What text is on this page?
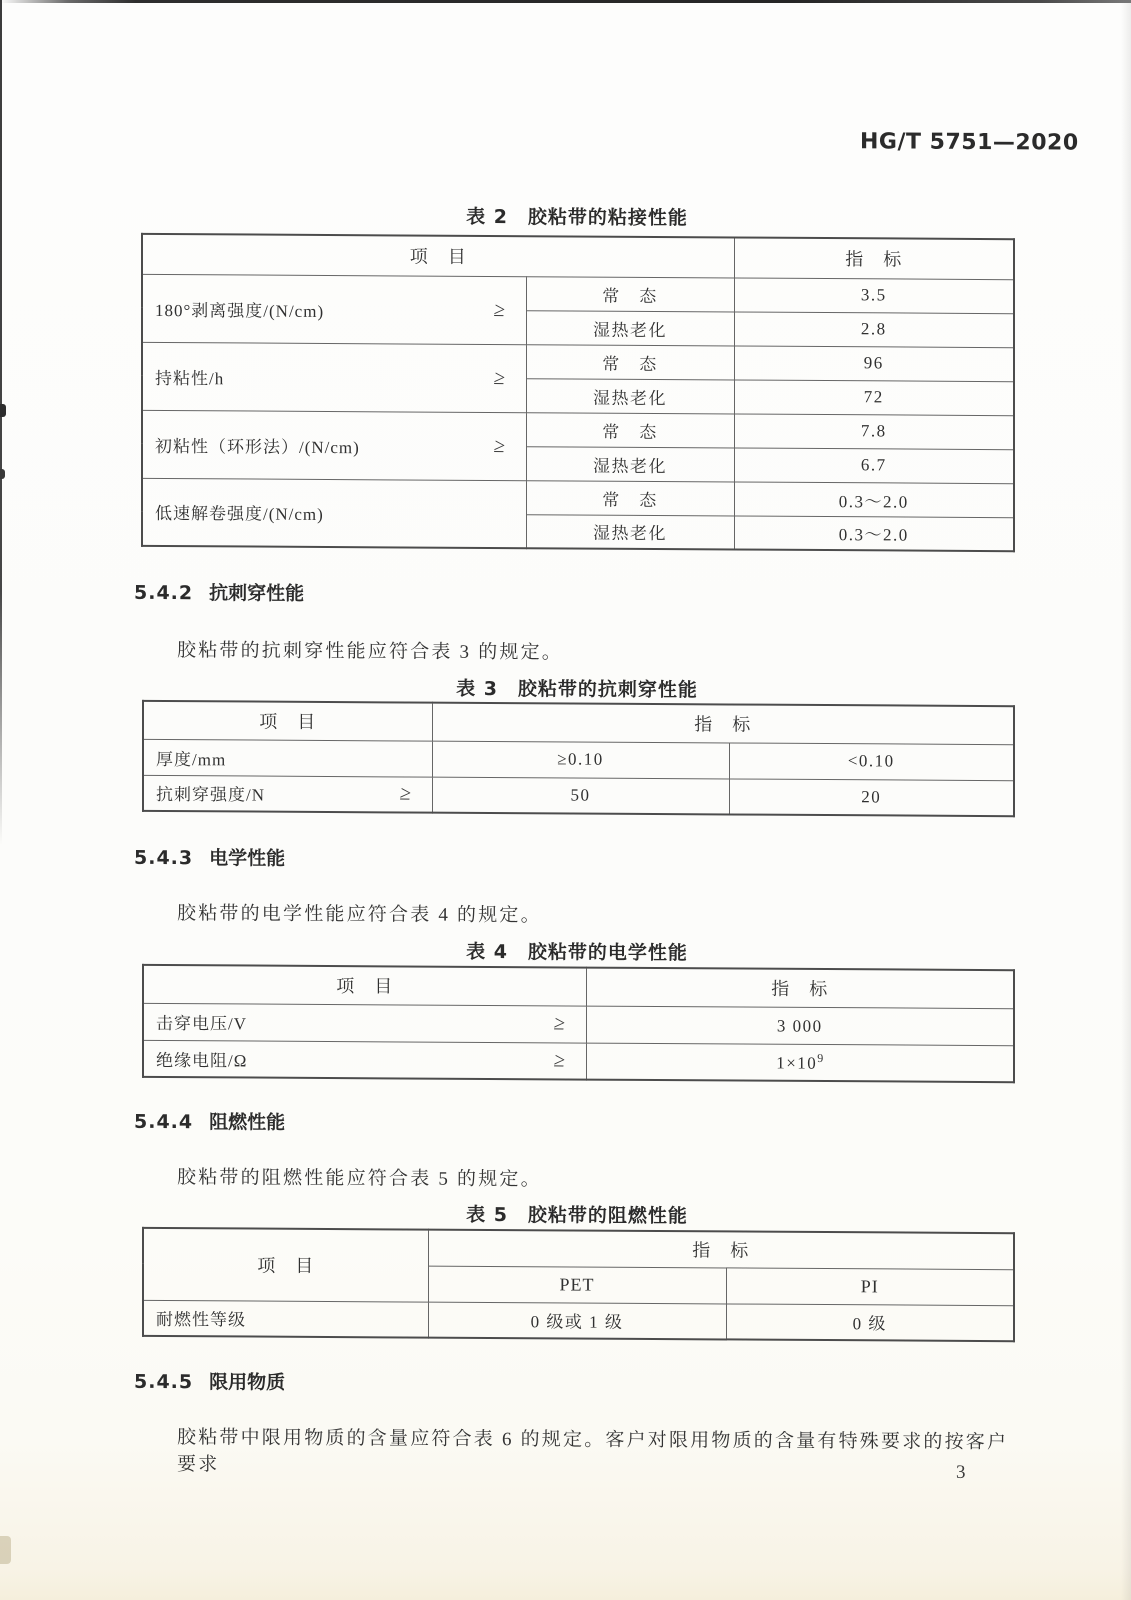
HG/T 5751—2020
表 2　胶粘带的粘接性能
项　目		指　标

180°剥离强度/(N/cm) ≥	常　态	3.5
	湿热老化	2.8

持粘性/h ≥	常　态	96
	湿热老化	72

初粘性（环形法）/(N/cm) ≥	常　态	7.8
	湿热老化	6.7

低速解卷强度/(N/cm)	常　态	0.3～2.0
	湿热老化	0.3～2.0
5.4.2 抗刺穿性能
胶粘带的抗刺穿性能应符合表 3 的规定。
表 3　胶粘带的抗刺穿性能
项　目	指　标	

厚度/mm	≥0.10	<0.10

抗刺穿强度/N ≥	50	20
5.4.3 电学性能
胶粘带的电学性能应符合表 4 的规定。
表 4　胶粘带的电学性能
项　目	指　标

击穿电压/V ≥	3 000

绝缘电阻/Ω ≥	$1\times 10^9$
5.4.4 阻燃性能
胶粘带的阻燃性能应符合表 5 的规定。
表 5　胶粘带的阻燃性能
项　目	指　标	
	PET	PI
耐燃性等级	0 级或 1 级	0 级
5.4.5 限用物质
胶粘带中限用物质的含量应符合表 6 的规定。客户对限用物质的含量有特殊要求的按客户要求	3
